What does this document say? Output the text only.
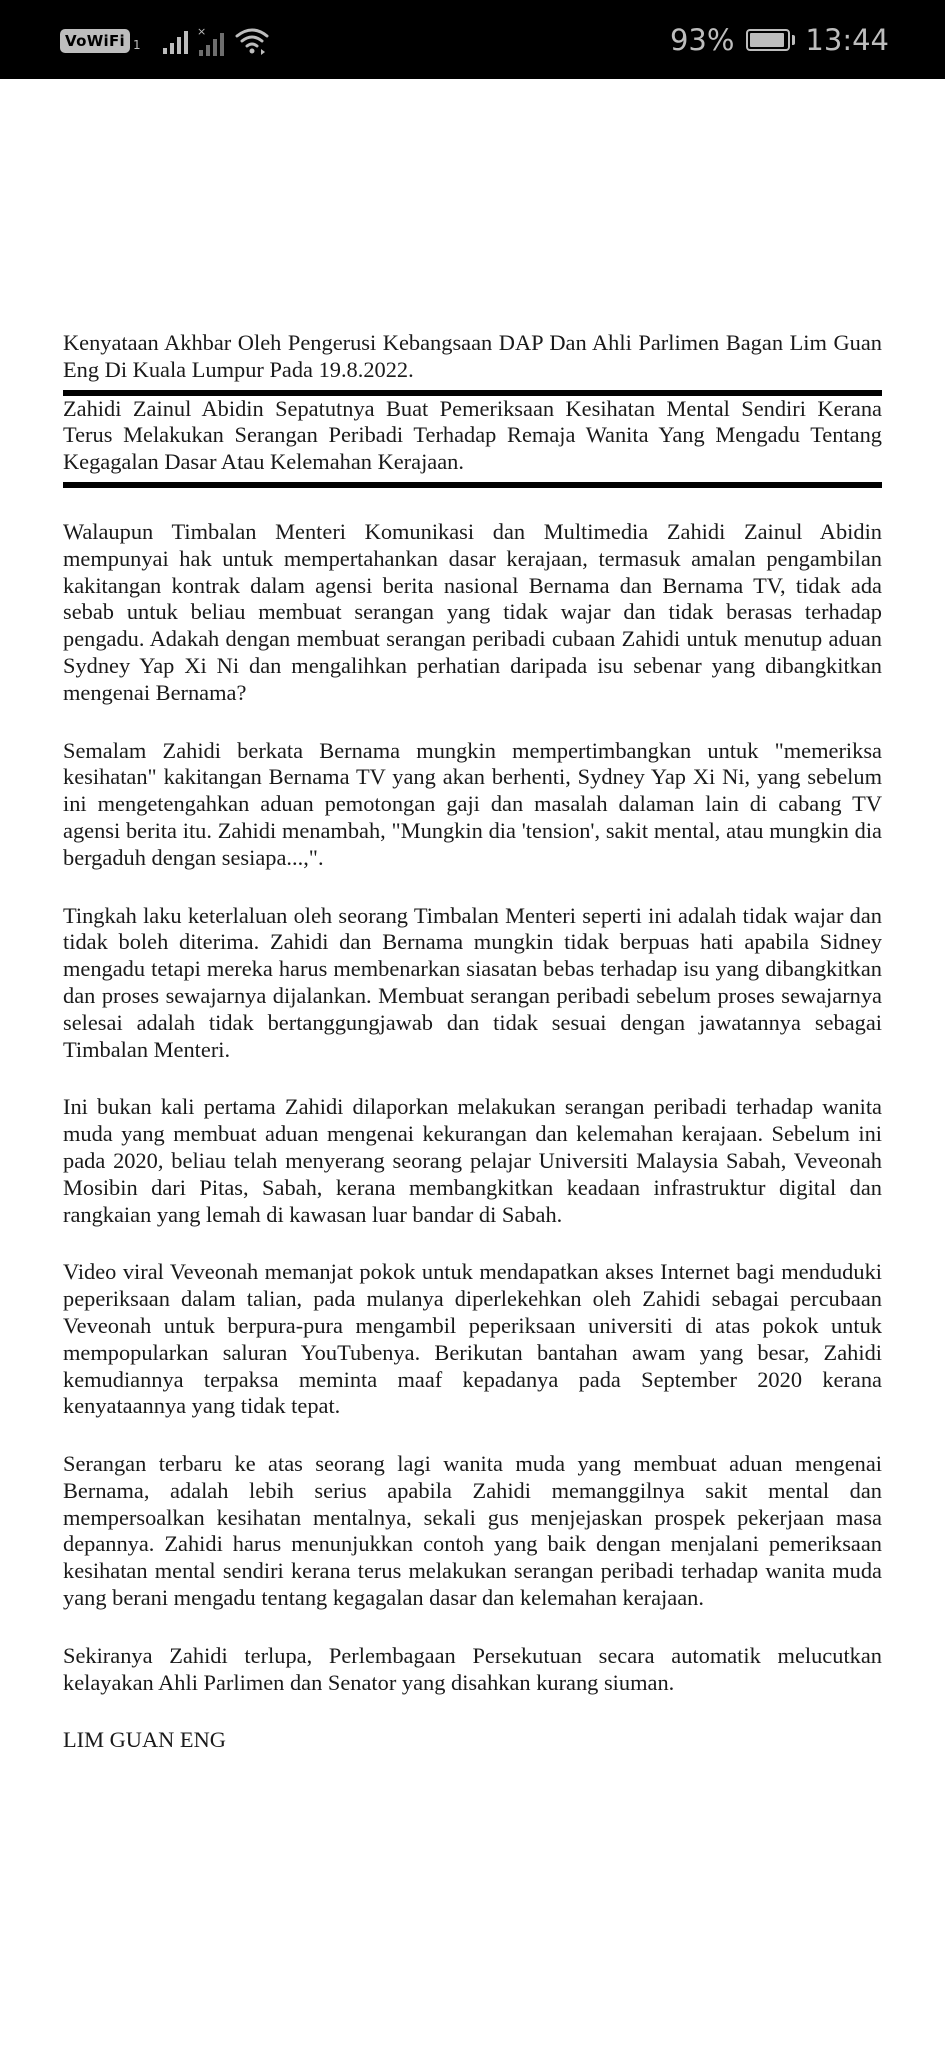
VoWiFi 1
×	93% 13:44

Kenyataan Akhbar Oleh Pengerusi Kebangsaan DAP Dan Ahli Parlimen Bagan Lim Guan Eng Di Kuala Lumpur Pada 19.8.2022.

Zahidi Zainul Abidin Sepatutnya Buat Pemeriksaan Kesihatan Mental Sendiri Kerana Terus Melakukan Serangan Peribadi Terhadap Remaja Wanita Yang Mengadu Tentang Kegagalan Dasar Atau Kelemahan Kerajaan.

Walaupun Timbalan Menteri Komunikasi dan Multimedia Zahidi Zainul Abidin mempunyai hak untuk mempertahankan dasar kerajaan, termasuk amalan pengambilan kakitangan kontrak dalam agensi berita nasional Bernama dan Bernama TV, tidak ada sebab untuk beliau membuat serangan yang tidak wajar dan tidak berasas terhadap pengadu. Adakah dengan membuat serangan peribadi cubaan Zahidi untuk menutup aduan Sydney Yap Xi Ni dan mengalihkan perhatian daripada isu sebenar yang dibangkitkan mengenai Bernama?

Semalam Zahidi berkata Bernama mungkin mempertimbangkan untuk "memeriksa kesihatan" kakitangan Bernama TV yang akan berhenti, Sydney Yap Xi Ni, yang sebelum ini mengetengahkan aduan pemotongan gaji dan masalah dalaman lain di cabang TV agensi berita itu. Zahidi menambah, "Mungkin dia 'tension', sakit mental, atau mungkin dia bergaduh dengan sesiapa...,".

Tingkah laku keterlaluan oleh seorang Timbalan Menteri seperti ini adalah tidak wajar dan tidak boleh diterima. Zahidi dan Bernama mungkin tidak berpuas hati apabila Sidney mengadu tetapi mereka harus membenarkan siasatan bebas terhadap isu yang dibangkitkan dan proses sewajarnya dijalankan. Membuat serangan peribadi sebelum proses sewajarnya selesai adalah tidak bertanggungjawab dan tidak sesuai dengan jawatannya sebagai Timbalan Menteri.

Ini bukan kali pertama Zahidi dilaporkan melakukan serangan peribadi terhadap wanita muda yang membuat aduan mengenai kekurangan dan kelemahan kerajaan. Sebelum ini pada 2020, beliau telah menyerang seorang pelajar Universiti Malaysia Sabah, Veveonah Mosibin dari Pitas, Sabah, kerana membangkitkan keadaan infrastruktur digital dan rangkaian yang lemah di kawasan luar bandar di Sabah.

Video viral Veveonah memanjat pokok untuk mendapatkan akses Internet bagi menduduki peperiksaan dalam talian, pada mulanya diperlekehkan oleh Zahidi sebagai percubaan Veveonah untuk berpura-pura mengambil peperiksaan universiti di atas pokok untuk mempopularkan saluran YouTubenya. Berikutan bantahan awam yang besar, Zahidi kemudiannya terpaksa meminta maaf kepadanya pada September 2020 kerana kenyataannya yang tidak tepat.

Serangan terbaru ke atas seorang lagi wanita muda yang membuat aduan mengenai Bernama, adalah lebih serius apabila Zahidi memanggilnya sakit mental dan mempersoalkan kesihatan mentalnya, sekali gus menjejaskan prospek pekerjaan masa depannya. Zahidi harus menunjukkan contoh yang baik dengan menjalani pemeriksaan kesihatan mental sendiri kerana terus melakukan serangan peribadi terhadap wanita muda yang berani mengadu tentang kegagalan dasar dan kelemahan kerajaan.

Sekiranya Zahidi terlupa, Perlembagaan Persekutuan secara automatik melucutkan kelayakan Ahli Parlimen dan Senator yang disahkan kurang siuman.

LIM GUAN ENG
